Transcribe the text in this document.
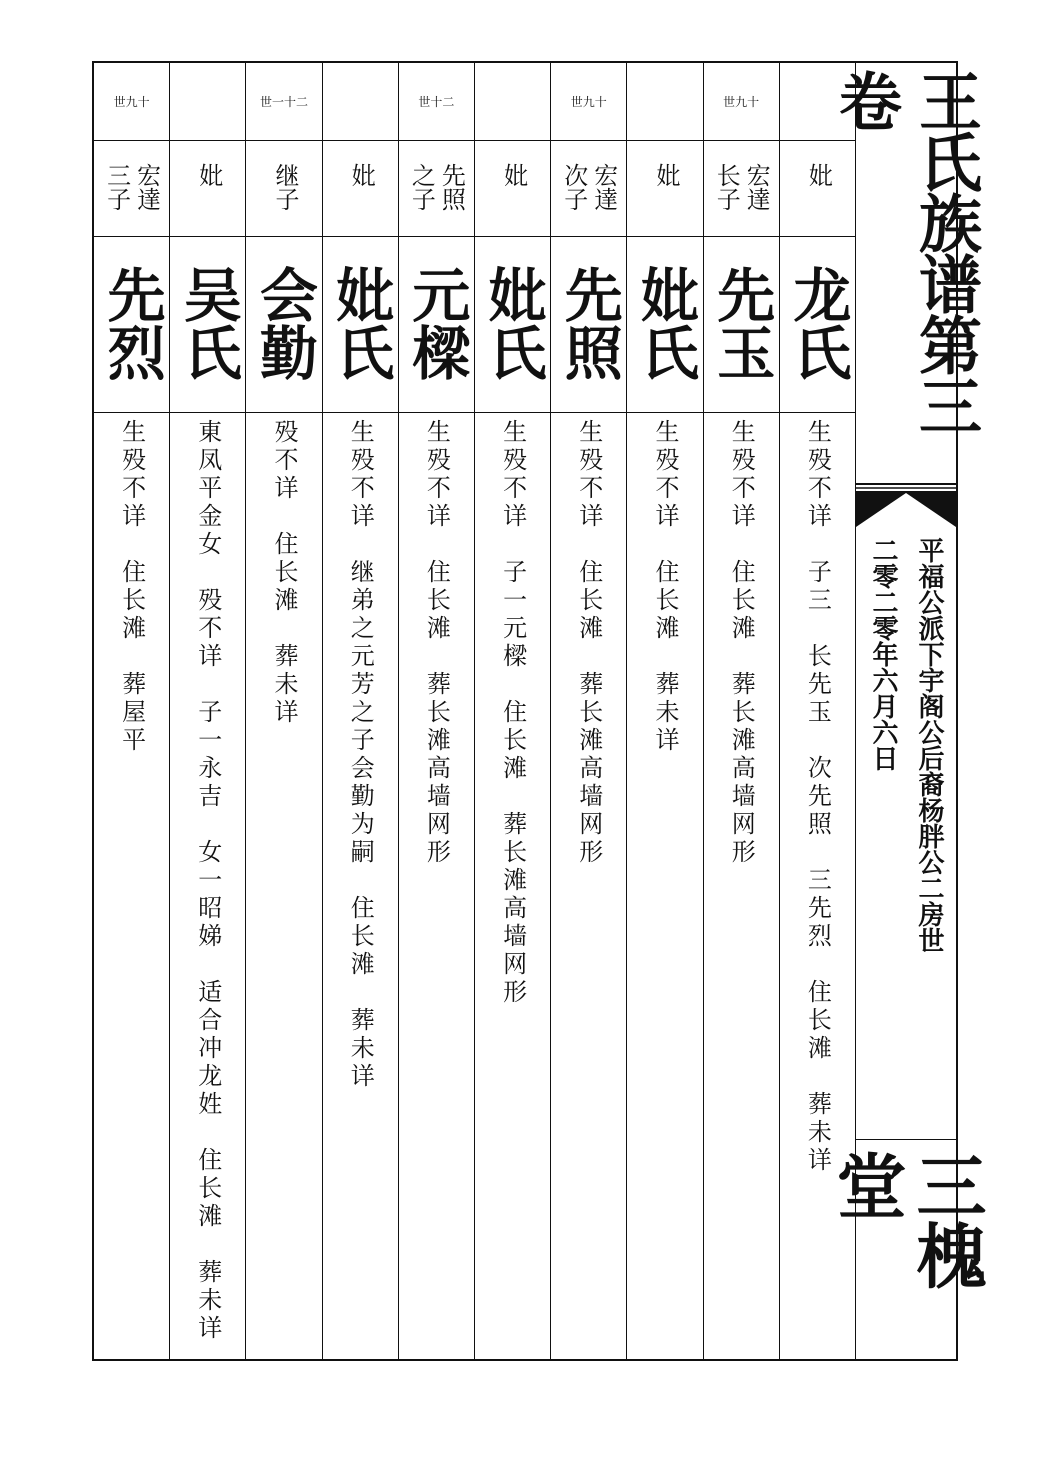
妣
龙氏
生殁不详　子三　长先玉　次先照　三先烈　住长滩　葬未详
世九十
宏達
长子
先玉
生殁不详　住长滩　葬长滩高墙网形
妣
妣氏
生殁不详　住长滩　葬未详
世九十
宏達
次子
先照
生殁不详　住长滩　葬长滩高墙网形
妣
妣氏
生殁不详　子一元樑　住长滩　葬长滩高墙网形
世十二
先照
之子
元樑
生殁不详　住长滩　葬长滩高墙网形
妣
妣氏
生殁不详　继弟之元芳之子会勤为嗣　住长滩　葬未详
世一十二
继子
会勤
殁不详　住长滩　葬未详
妣
吴氏
東凤平金女　殁不详　子一永吉　女一昭娣　适合冲龙姓　住长滩　葬未详
世九十
宏達
三子
先烈
生殁不详　住长滩　葬屋平
王氏族谱第三卷
平福公派下宇阁公后裔杨胖公二房世
二零二零年六月六日
三槐堂
